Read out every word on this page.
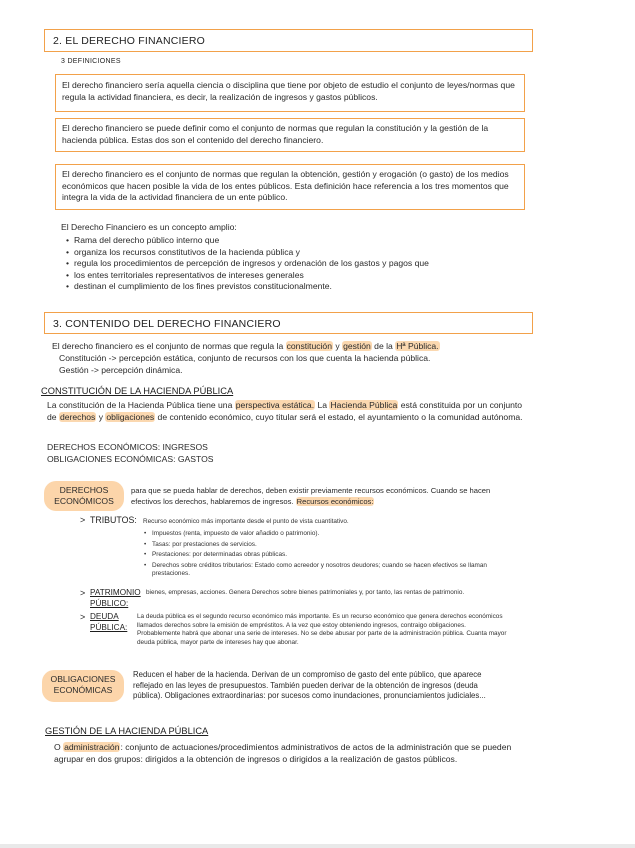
2. EL DERECHO FINANCIERO
3 DEFINICIONES
El derecho financiero sería aquella ciencia o disciplina que tiene por objeto de estudio el conjunto de leyes/normas que regula la actividad financiera, es decir, la realización de ingresos y gastos públicos.
El derecho financiero se puede definir como el conjunto de normas que regulan la constitución y la gestión de la hacienda pública. Estas dos son el contenido del derecho financiero.
El derecho financiero es el conjunto de normas que regulan la obtención, gestión y erogación (o gasto) de los medios económicos que hacen posible la vida de los entes públicos. Esta definición hace referencia a los tres momentos que integra la vida de la actividad financiera de un ente público.
El Derecho Financiero es un concepto amplio:
• Rama del derecho público interno que
• organiza los recursos constitutivos de la hacienda pública y
• regula los procedimientos de percepción de ingresos y ordenación de los gastos y pagos que
• los entes territoriales representativos de intereses generales
• destinan el cumplimiento de los fines previstos constitucionalmente.
3. CONTENIDO DEL DERECHO FINANCIERO
El derecho financiero es el conjunto de normas que regula la constitución y gestión de la Hª Pública.
Constitución -> percepción estática, conjunto de recursos con los que cuenta la hacienda pública.
Gestión -> percepción dinámica.
CONSTITUCIÓN DE LA HACIENDA PÚBLICA
La constitución de la Hacienda Pública tiene una perspectiva estática. La Hacienda Pública está constituida por un conjunto de derechos y obligaciones de contenido económico, cuyo titular será el estado, el ayuntamiento o la comunidad autónoma.
DERECHOS ECONÓMICOS: INGRESOS
OBLIGACIONES ECONÓMICAS: GASTOS
DERECHOS ECONÓMICOS
para que se pueda hablar de derechos, deben existir previamente recursos económicos. Cuando se hacen efectivos los derechos, hablaremos de ingresos. Recursos económicos:
> TRIBUTOS: Recurso económico más importante desde el punto de vista cuantitativo.
• Impuestos (renta, impuesto de valor añadido o patrimonio).
• Tasas: por prestaciones de servicios.
• Prestaciones: por determinadas obras públicas.
• Derechos sobre créditos tributarios: Estado como acreedor y nosotros deudores; cuando se hacen efectivos se llaman prestaciones.
> PATRIMONIO PÚBLICO:
bienes, empresas, acciones. Genera Derechos sobre bienes patrimoniales y, por tanto, las rentas de patrimonio.
> DEUDA PÚBLICA:
La deuda pública es el segundo recurso económico más importante. Es un recurso económico que genera derechos económicos llamados derechos sobre la emisión de empréstitos. A la vez que estoy obteniendo ingresos, contraigo obligaciones. Probablemente habrá que abonar una serie de intereses. No se debe abusar por parte de la administración pública. Cuanta mayor deuda pública, mayor parte de intereses hay que abonar.
OBLIGACIONES ECONÓMICAS
Reducen el haber de la hacienda. Derivan de un compromiso de gasto del ente público, que aparece reflejado en las leyes de presupuestos. También pueden derivar de la obtención de ingresos (deuda pública). Obligaciones extraordinarias: por sucesos como inundaciones, pronunciamientos judiciales...
GESTIÓN DE LA HACIENDA PÚBLICA
O administración: conjunto de actuaciones/procedimientos administrativos de actos de la administración que se pueden agrupar en dos grupos: dirigidos a la obtención de ingresos o dirigidos a la realización de gastos públicos.
